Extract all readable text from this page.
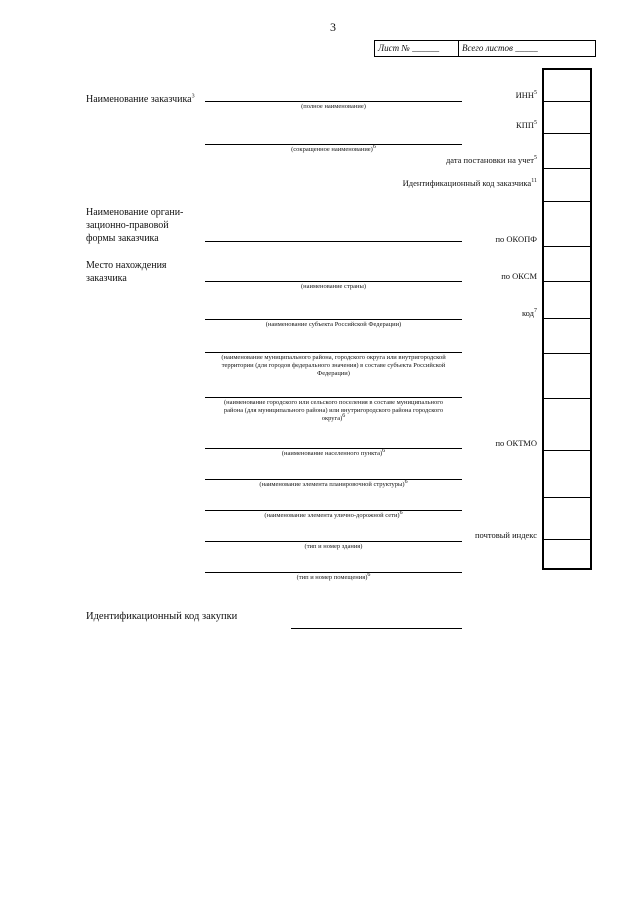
3
Лист № ______	Всего листов _____
Наименование заказчика$^3$
(полное наименование)
(сокращенное наименование)$^6$
ИНН$^5$
КПП$^5$
дата постановки на учет$^5$
Идентификационный код заказчика$^{11}$
Наименование органи-
зационно-правовой
формы заказчика	по ОКОПФ
Место нахождения
заказчика
(наименование страны)
по ОКСМ
(наименование субъекта Российской Федерации)
код$^7$
(наименование муниципального района, городского округа или внутригородской территории (для городов федерального значения) в составе субъекта Российской Федерации)
(наименование городского или сельского поселения в составе муниципального района (для муниципального района) или внутригородского района городского округа)$^6$
по ОКТМО
(наименование населенного пункта)$^6$
(наименование элемента планировочной структуры)$^6$
(наименование элемента улично-дорожной сети)$^6$
почтовый индекс
(тип и номер здания)
(тип и номер помещения)$^6$
Идентификационный код закупки
